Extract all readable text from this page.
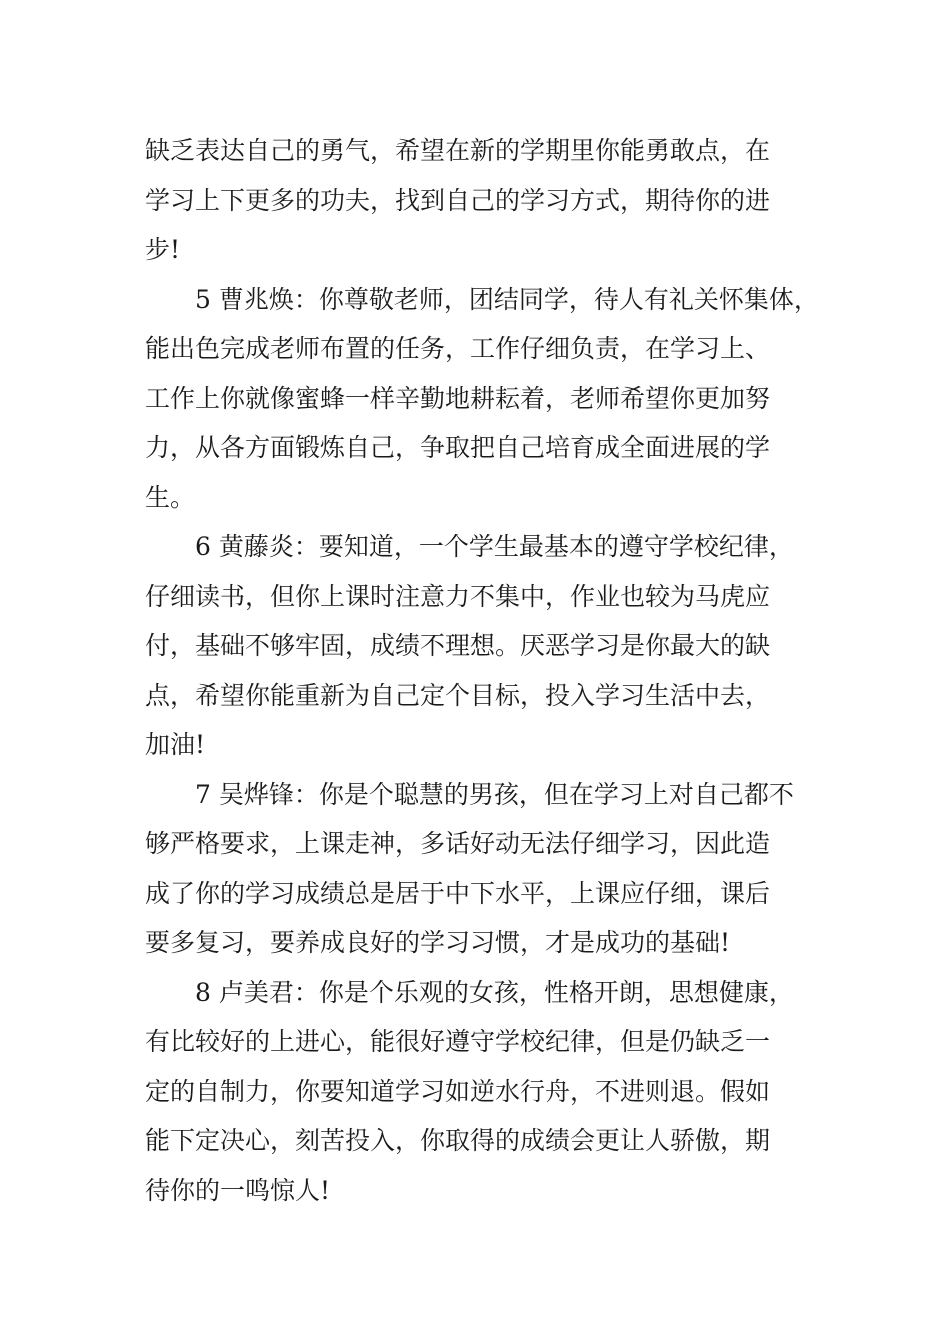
缺乏表达自己的勇气，希望在新的学期里你能勇敢点，在
学习上下更多的功夫，找到自己的学习方式，期待你的进
步!
5 曹兆焕：你尊敬老师，团结同学，待人有礼关怀集体，
能出色完成老师布置的任务，工作仔细负责，在学习上、
工作上你就像蜜蜂一样辛勤地耕耘着，老师希望你更加努
力，从各方面锻炼自己，争取把自己培育成全面进展的学
生。
6 黄藤炎：要知道，一个学生最基本的遵守学校纪律，
仔细读书，但你上课时注意力不集中，作业也较为马虎应
付，基础不够牢固，成绩不理想。厌恶学习是你最大的缺
点，希望你能重新为自己定个目标，投入学习生活中去，
加油!
7 吴烨锋：你是个聪慧的男孩，但在学习上对自己都不
够严格要求，上课走神，多话好动无法仔细学习，因此造
成了你的学习成绩总是居于中下水平，上课应仔细，课后
要多复习，要养成良好的学习习惯，才是成功的基础!
8 卢美君：你是个乐观的女孩，性格开朗，思想健康，
有比较好的上进心，能很好遵守学校纪律，但是仍缺乏一
定的自制力，你要知道学习如逆水行舟，不进则退。假如
能下定决心，刻苦投入，你取得的成绩会更让人骄傲，期
待你的一鸣惊人!
